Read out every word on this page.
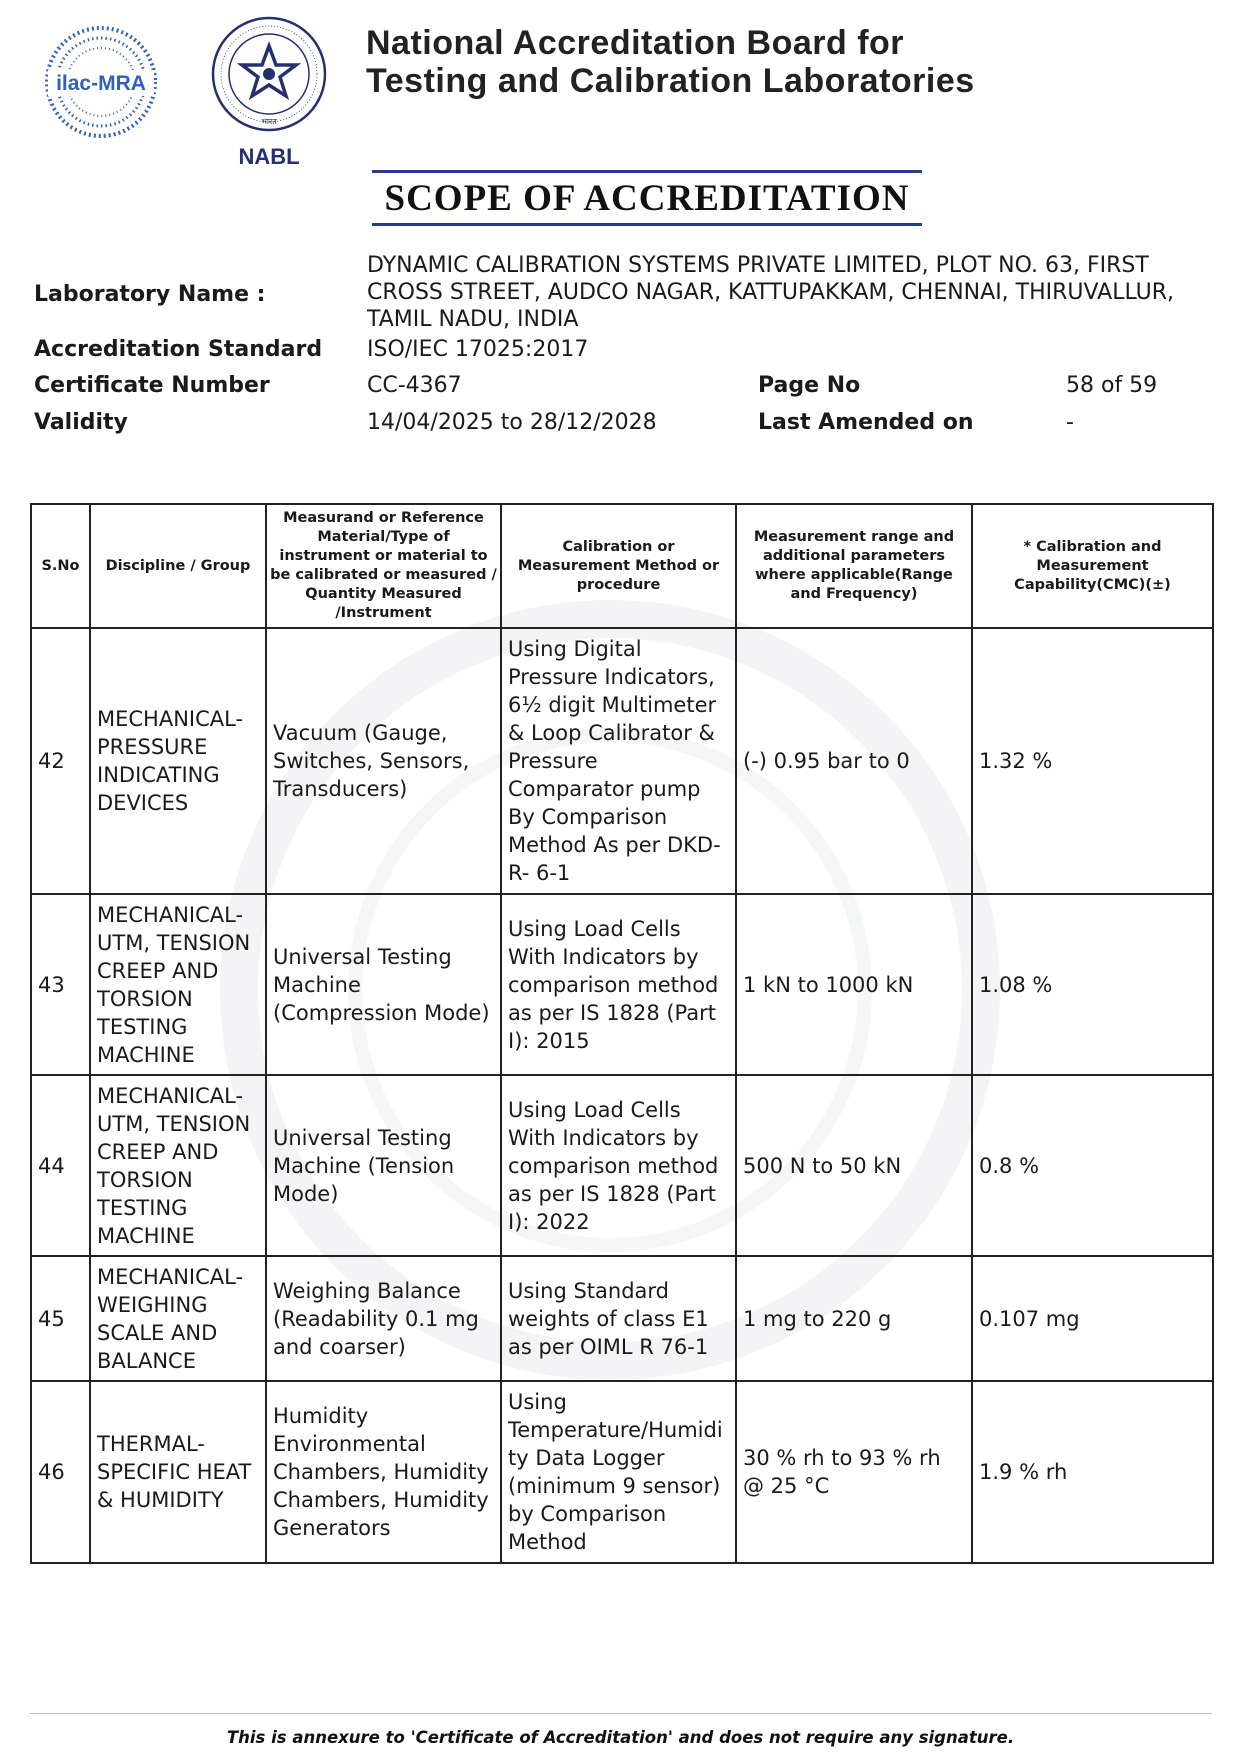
ilac-MRA
भारत
NABL
National Accreditation Board for
Testing and Calibration Laboratories
SCOPE OF ACCREDITATION
Laboratory Name :
DYNAMIC CALIBRATION SYSTEMS PRIVATE LIMITED, PLOT NO. 63, FIRST CROSS STREET, AUDCO NAGAR, KATTUPAKKAM, CHENNAI, THIRUVALLUR, TAMIL NADU, INDIA
Accreditation Standard ISO/IEC 17025:2017
Certificate Number	CC-4367	Page No	58 of 59
Validity	14/04/2025 to 28/12/2028	Last Amended on	-
S.No	Discipline / Group	Measurand or Reference Material/Type of instrument or material to be calibrated or measured / Quantity Measured /Instrument	Calibration or Measurement Method or procedure	Measurement range and additional parameters where applicable(Range and Frequency)	* Calibration and Measurement Capability(CMC)(±)
42	MECHANICAL- PRESSURE INDICATING DEVICES	Vacuum (Gauge, Switches, Sensors, Transducers)	Using Digital Pressure Indicators, 6½ digit Multimeter & Loop Calibrator & Pressure Comparator pump By Comparison Method As per DKD-R- 6-1	(-) 0.95 bar to 0	1.32 %
43	MECHANICAL- UTM, TENSION CREEP AND TORSION TESTING MACHINE	Universal Testing Machine (Compression Mode)	Using Load Cells With Indicators by comparison method as per IS 1828 (Part I): 2015	1 kN to 1000 kN	1.08 %
44	MECHANICAL- UTM, TENSION CREEP AND TORSION TESTING MACHINE	Universal Testing Machine (Tension Mode)	Using Load Cells With Indicators by comparison method as per IS 1828 (Part I): 2022	500 N to 50 kN	0.8 %
45	MECHANICAL- WEIGHING SCALE AND BALANCE	Weighing Balance (Readability 0.1 mg and coarser)	Using Standard weights of class E1 as per OIML R 76-1	1 mg to 220 g	0.107 mg
46	THERMAL- SPECIFIC HEAT & HUMIDITY	Humidity Environmental Chambers, Humidity Chambers, Humidity Generators	Using Temperature/Humidity Data Logger (minimum 9 sensor) by Comparison Method	30 % rh to 93 % rh @ 25 °C	1.9 % rh
This is annexure to 'Certificate of Accreditation' and does not require any signature.
